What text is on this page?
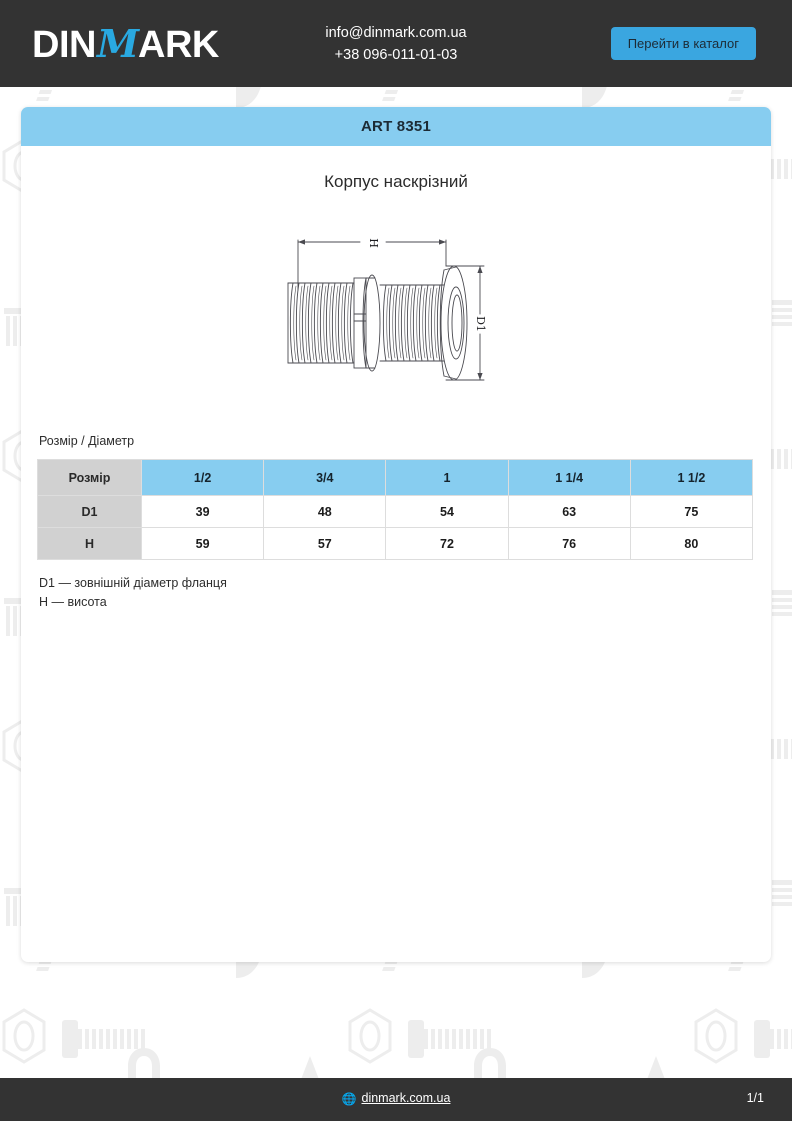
DINMARK	info@dinmark.com.ua
+38 096-011-01-03
Перейти в каталог
ART 8351
Корпус наскрізний
H
D1
Розмір / Діаметр
Розмір	1/2	3/4	1	1 1/4	1 1/2
D1	39	48	54	63	75
H	59	57	72	76	80
D1 — зовнішній діаметр фланця
H — висота
🌐 dinmark.com.ua	1/1
